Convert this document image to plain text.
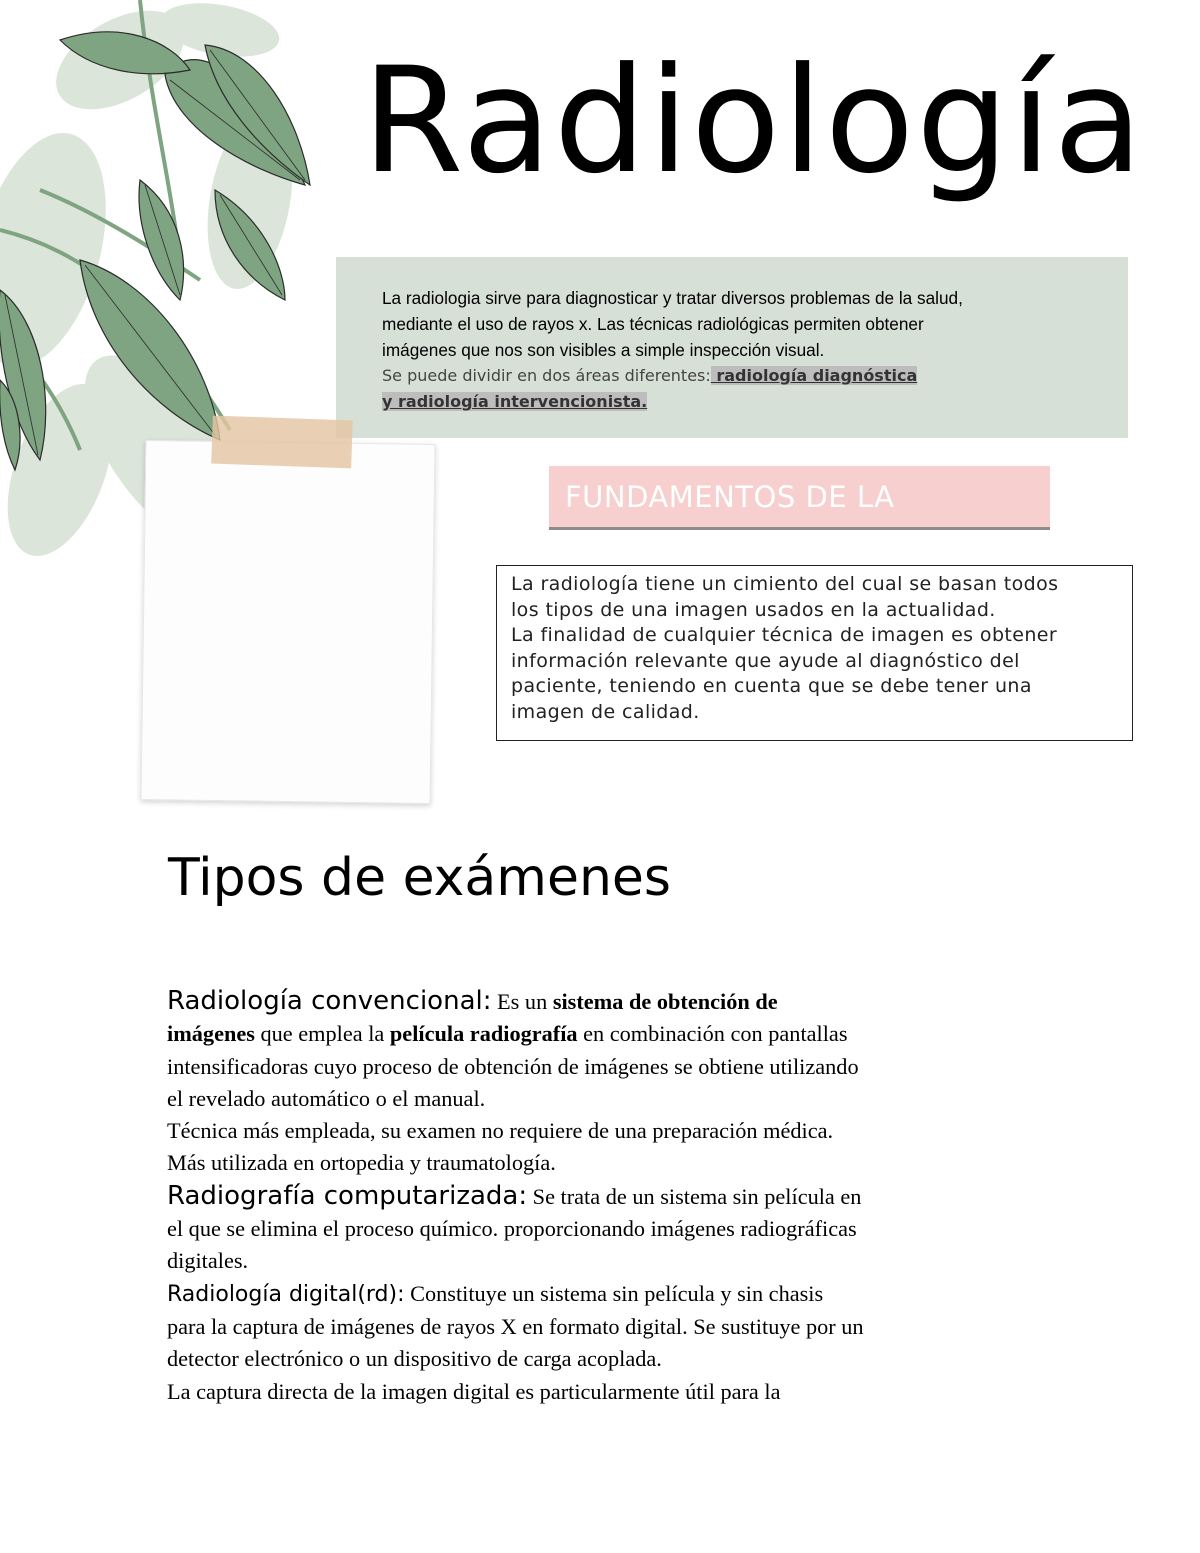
Radiología

La radiologia sirve para diagnosticar y tratar diversos problemas de la salud,

mediante el uso de rayos x. Las técnicas radiológicas permiten obtener

imágenes que nos son visibles a simple inspección visual.

Se puede dividir en dos áreas diferentes: radiología diagnóstica

y radiología intervencionista.

FUNDAMENTOS DE LA

La radiología tiene un cimiento del cual se basan todos

los tipos de una imagen usados en la actualidad.

La finalidad de cualquier técnica de imagen es obtener

información relevante que ayude al diagnóstico del

paciente, teniendo en cuenta que se debe tener una

imagen de calidad.

Tipos de exámenes

Radiología convencional: Es un sistema de obtención de

imágenes que emplea la película radiografía en combinación con pantallas

intensificadoras cuyo proceso de obtención de imágenes se obtiene utilizando

el revelado automático o el manual.

Técnica más empleada, su examen no requiere de una preparación médica.

Más utilizada en ortopedia y traumatología.

Radiografía computarizada: Se trata de un sistema sin película en

el que se elimina el proceso químico. proporcionando imágenes radiográficas

digitales.

Radiología digital(rd): Constituye un sistema sin película y sin chasis

para la captura de imágenes de rayos X en formato digital. Se sustituye por un

detector electrónico o un dispositivo de carga acoplada.

La captura directa de la imagen digital es particularmente útil para la
